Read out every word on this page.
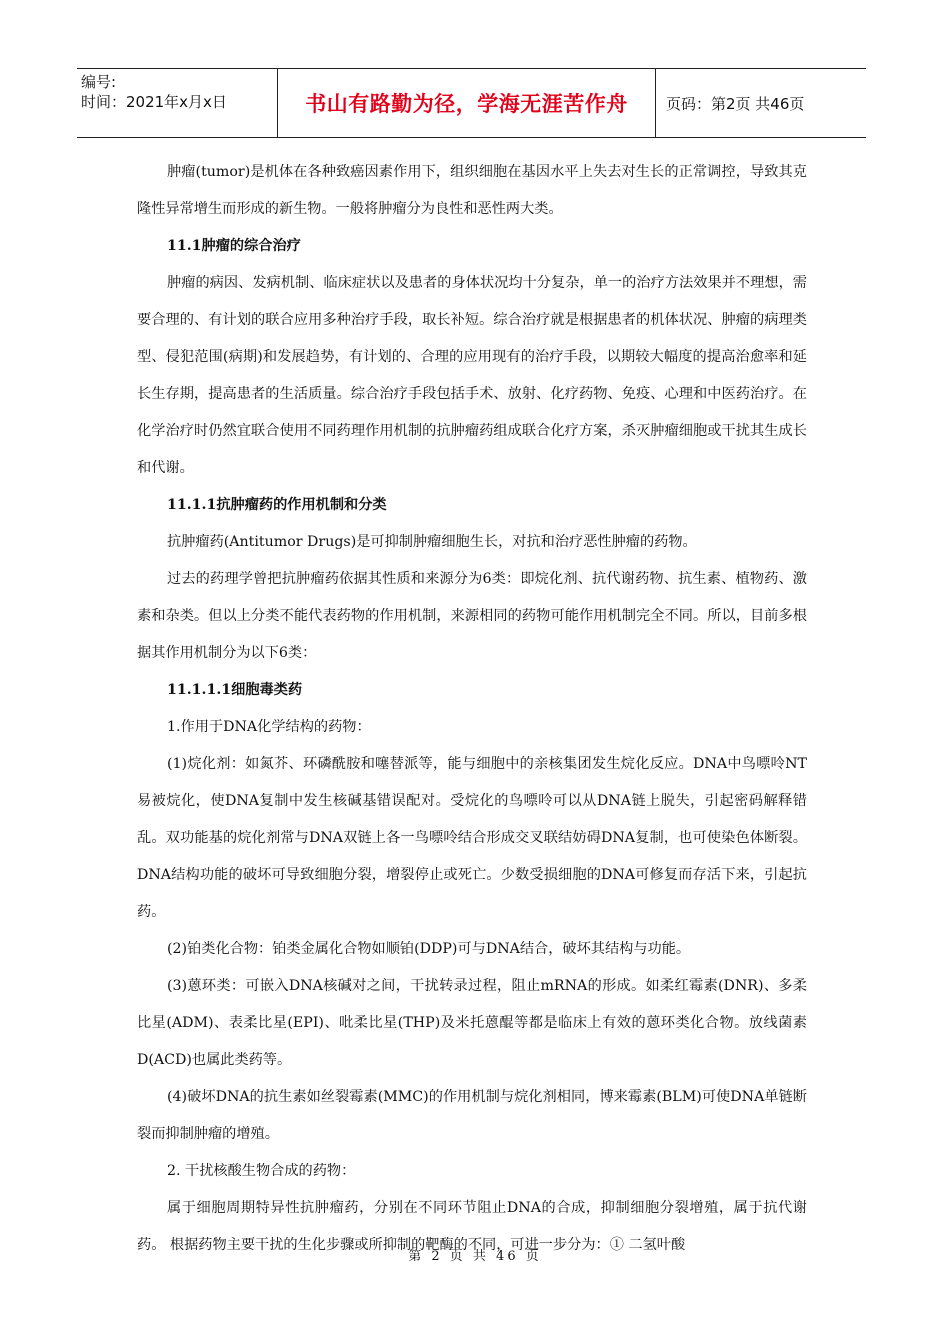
编号:
时间：2021年x月x日	书山有路勤为径，学海无涯苦作舟	页码：第2页 共46页

肿瘤(tumor)是机体在各种致癌因素作用下，组织细胞在基因水平上失去对生长的正常调控，导致其克隆性异常增生而形成的新生物。一般将肿瘤分为良性和恶性两大类。

11.1肿瘤的综合治疗

肿瘤的病因、发病机制、临床症状以及患者的身体状况均十分复杂，单一的治疗方法效果并不理想，需要合理的、有计划的联合应用多种治疗手段，取长补短。综合治疗就是根据患者的机体状况、肿瘤的病理类型、侵犯范围(病期)和发展趋势，有计划的、合理的应用现有的治疗手段，以期较大幅度的提高治愈率和延长生存期，提高患者的生活质量。综合治疗手段包括手术、放射、化疗药物、免疫、心理和中医药治疗。在化学治疗时仍然宜联合使用不同药理作用机制的抗肿瘤药组成联合化疗方案，杀灭肿瘤细胞或干扰其生成长和代谢。

11.1.1抗肿瘤药的作用机制和分类

抗肿瘤药(Antitumor Drugs)是可抑制肿瘤细胞生长，对抗和治疗恶性肿瘤的药物。

过去的药理学曾把抗肿瘤药依据其性质和来源分为6类：即烷化剂、抗代谢药物、抗生素、植物药、激素和杂类。但以上分类不能代表药物的作用机制，来源相同的药物可能作用机制完全不同。所以，目前多根据其作用机制分为以下6类：

11.1.1.1细胞毒类药

1.作用于DNA化学结构的药物：

(1)烷化剂：如氮芥、环磷酰胺和噻替派等，能与细胞中的亲核集团发生烷化反应。DNA中鸟嘌呤NT易被烷化，使DNA复制中发生核碱基错误配对。受烷化的鸟嘌呤可以从DNA链上脱失，引起密码解释错乱。双功能基的烷化剂常与DNA双链上各一鸟嘌呤结合形成交叉联结妨碍DNA复制，也可使染色体断裂。DNA结构功能的破坏可导致细胞分裂，增裂停止或死亡。少数受损细胞的DNA可修复而存活下来，引起抗药。

(2)铂类化合物：铂类金属化合物如顺铂(DDP)可与DNA结合，破坏其结构与功能。

(3)蒽环类：可嵌入DNA核碱对之间，干扰转录过程，阻止mRNA的形成。如柔红霉素(DNR)、多柔比星(ADM)、表柔比星(EPI)、吡柔比星(THP)及米托蒽醌等都是临床上有效的蒽环类化合物。放线菌素D(ACD)也属此类药等。

(4)破坏DNA的抗生素如丝裂霉素(MMC)的作用机制与烷化剂相同，博来霉素(BLM)可使DNA单链断裂而抑制肿瘤的增殖。

2. 干扰核酸生物合成的药物：

属于细胞周期特异性抗肿瘤药，分别在不同环节阻止DNA的合成，抑制细胞分裂增殖，属于抗代谢药。 根据药物主要干扰的生化步骤或所抑制的靶酶的不同，可进一步分为：① 二氢叶酸

第 2 页 共 46 页
